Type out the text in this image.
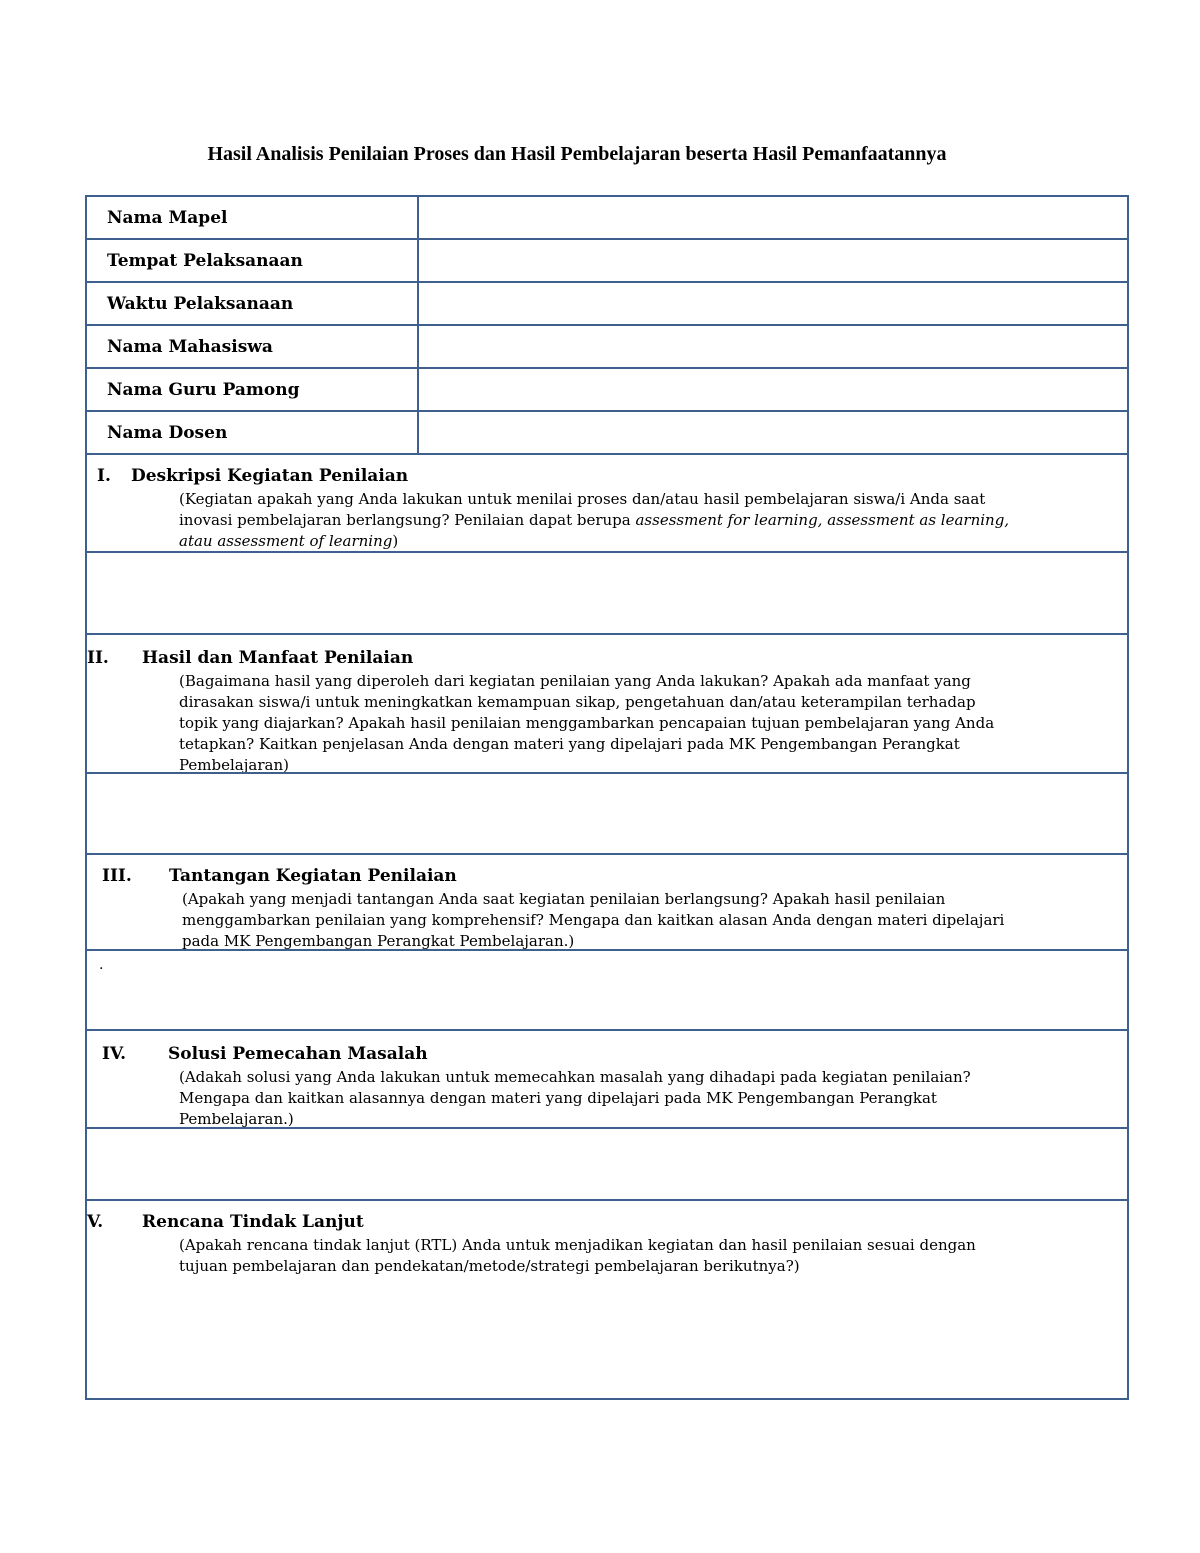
Hasil Analisis Penilaian Proses dan Hasil Pembelajaran beserta Hasil Pemanfaatannya
Nama Mapel
Tempat Pelaksanaan
Waktu Pelaksanaan
Nama Mahasiswa
Nama Guru Pamong
Nama Dosen
I. Deskripsi Kegiatan Penilaian
(Kegiatan apakah yang Anda lakukan untuk menilai proses dan/atau hasil pembelajaran siswa/i Anda saat
inovasi pembelajaran berlangsung? Penilaian dapat berupa assessment for learning, assessment as learning,
atau assessment of learning)
II. Hasil dan Manfaat Penilaian
(Bagaimana hasil yang diperoleh dari kegiatan penilaian yang Anda lakukan? Apakah ada manfaat yang
dirasakan siswa/i untuk meningkatkan kemampuan sikap, pengetahuan dan/atau keterampilan terhadap
topik yang diajarkan? Apakah hasil penilaian menggambarkan pencapaian tujuan pembelajaran yang Anda
tetapkan? Kaitkan penjelasan Anda dengan materi yang dipelajari pada MK Pengembangan Perangkat
Pembelajaran)
III. Tantangan Kegiatan Penilaian
(Apakah yang menjadi tantangan Anda saat kegiatan penilaian berlangsung? Apakah hasil penilaian
menggambarkan penilaian yang komprehensif? Mengapa dan kaitkan alasan Anda dengan materi dipelajari
pada MK Pengembangan Perangkat Pembelajaran.)
.
IV. Solusi Pemecahan Masalah
(Adakah solusi yang Anda lakukan untuk memecahkan masalah yang dihadapi pada kegiatan penilaian?
Mengapa dan kaitkan alasannya dengan materi yang dipelajari pada MK Pengembangan Perangkat
Pembelajaran.)
V. Rencana Tindak Lanjut
(Apakah rencana tindak lanjut (RTL) Anda untuk menjadikan kegiatan dan hasil penilaian sesuai dengan
tujuan pembelajaran dan pendekatan/metode/strategi pembelajaran berikutnya?)
